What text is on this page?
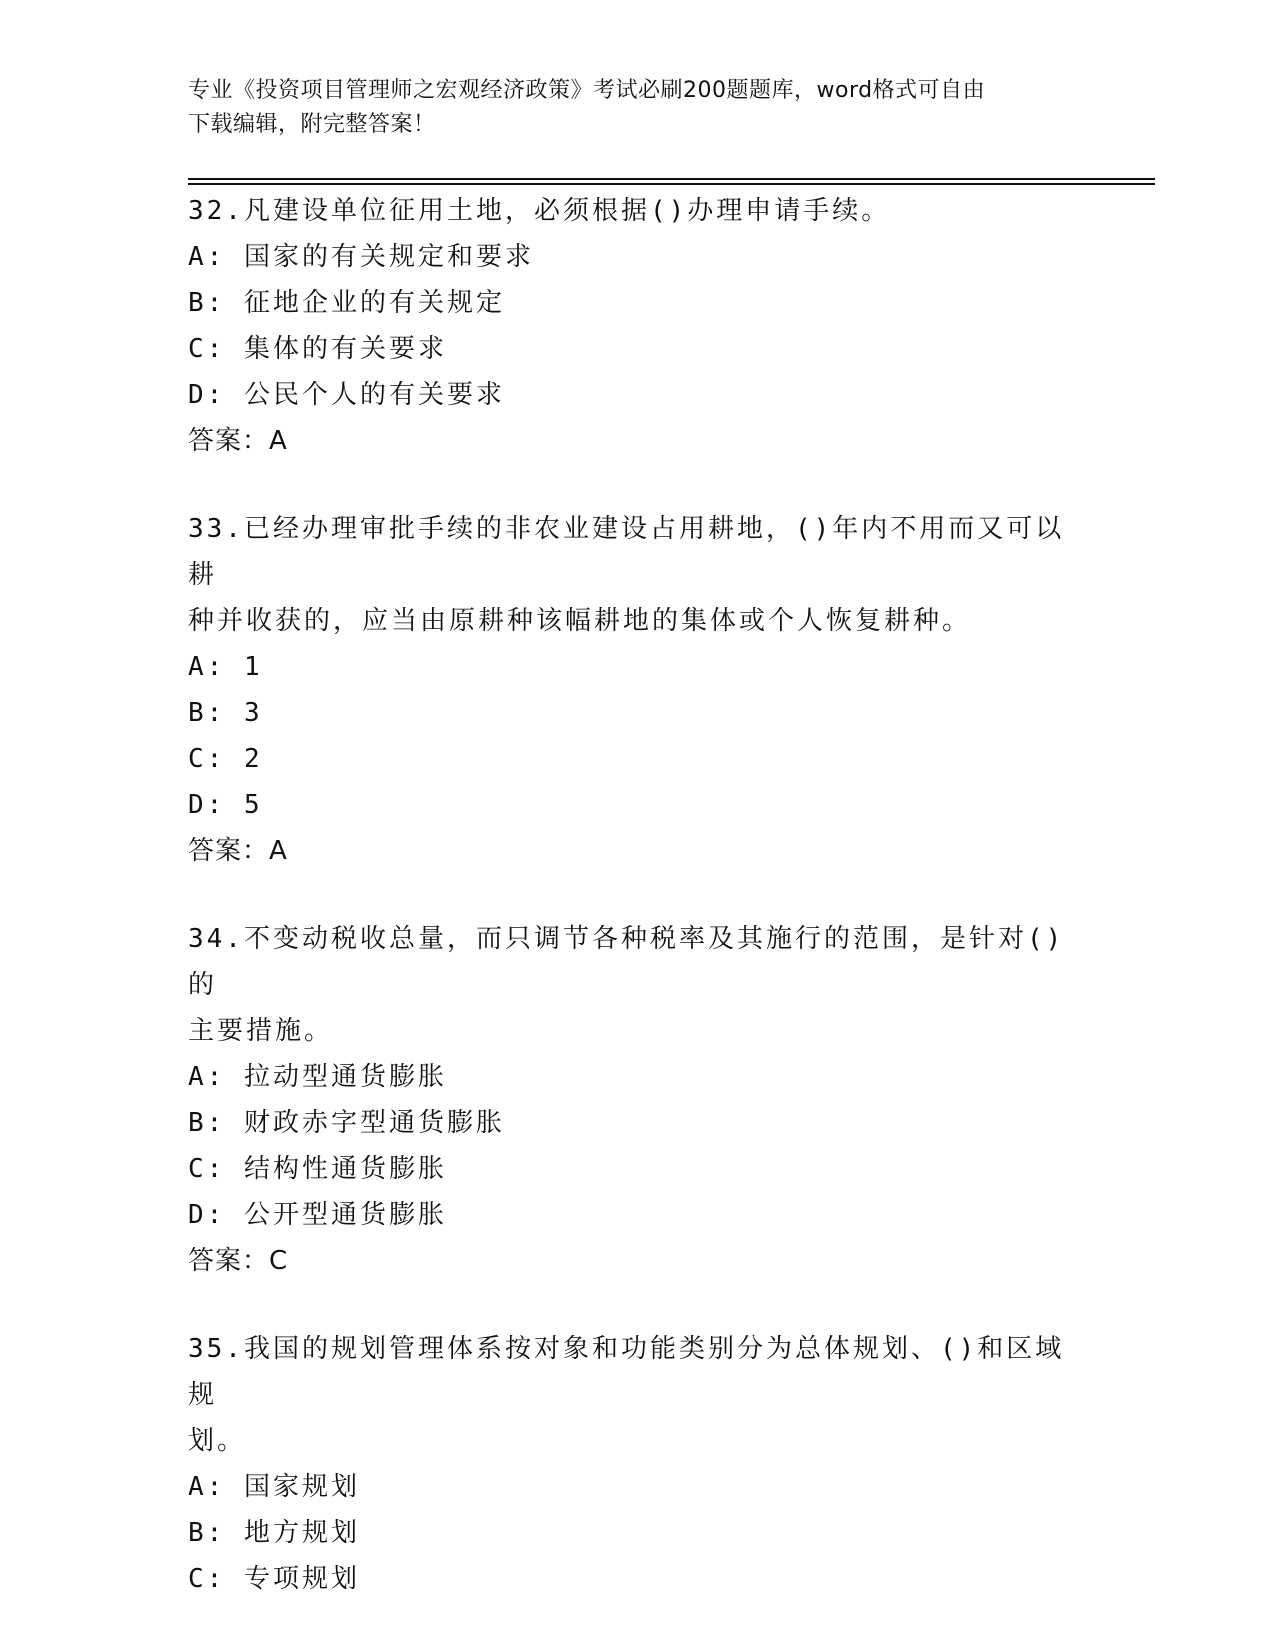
专业《投资项目管理师之宏观经济政策》考试必刷200题题库，word格式可自由
下载编辑，附完整答案！

32.凡建设单位征用土地，必须根据()办理申请手续。

A: 国家的有关规定和要求

B: 征地企业的有关规定

C: 集体的有关要求

D: 公民个人的有关要求

答案：A

33.已经办理审批手续的非农业建设占用耕地，()年内不用而又可以耕

种并收获的，应当由原耕种该幅耕地的集体或个人恢复耕种。

A: 1

B: 3

C: 2

D: 5

答案：A

34.不变动税收总量，而只调节各种税率及其施行的范围，是针对()的

主要措施。

A: 拉动型通货膨胀

B: 财政赤字型通货膨胀

C: 结构性通货膨胀

D: 公开型通货膨胀

答案：C

35.我国的规划管理体系按对象和功能类别分为总体规划、()和区域规

划。

A: 国家规划

B: 地方规划

C: 专项规划
